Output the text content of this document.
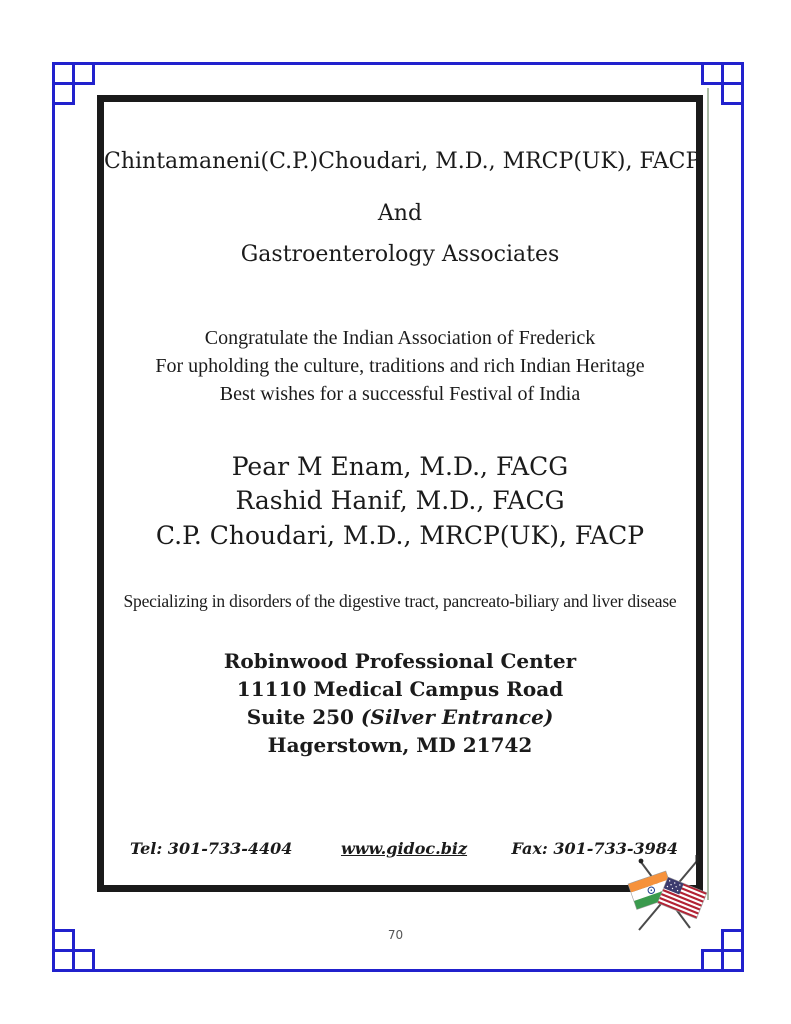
Chintamaneni(C.P.)Choudari, M.D., MRCP(UK), FACP
And
Gastroenterology Associates
Congratulate the Indian Association of Frederick
For upholding the culture, traditions and rich Indian Heritage
Best wishes for a successful Festival of India
Pear M Enam, M.D., FACG
Rashid Hanif, M.D., FACG
C.P. Choudari, M.D., MRCP(UK), FACP
Specializing in disorders of the digestive tract, pancreato-biliary and liver disease
Robinwood Professional Center
11110 Medical Campus Road
Suite 250 (Silver Entrance)
Hagerstown, MD 21742
Tel: 301-733-4404	www.gidoc.biz	Fax: 301-733-3984
70
